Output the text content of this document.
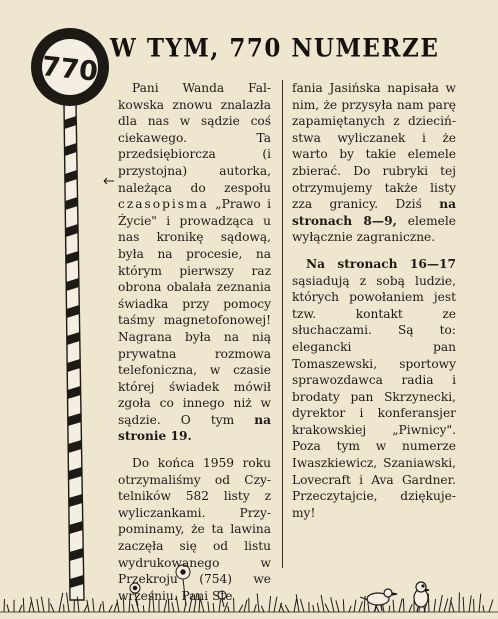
770
W TYM, 770 NUMERZE

Pani Wanda Falkowska znowu znalazła dla nas w sądzie coś ciekawego. Ta przedsiębiorcza (i przystojna) autorka, należąca do zespołu czasopisma „Prawo i Życie" i prowadząca u nas kronikę sądową, była na procesie, na którym pierwszy raz obrona obalała zeznania świadka przy pomocy taśmy magnetofonowej! Nagrana była na nią prywatna rozmowa telefoniczna, w czasie której świadek mówił zgoła co innego niż w sądzie. O tym na stronie 19.

Do końca 1959 roku otrzymaliśmy od Czytelników 582 listy z wyliczankami. Przypominamy, że ta lawina zaczęła się od listu wydrukowanego w Przekroju (754) we wrześniu. Pani Ste

fania Jasińska napisała w nim, że przysyła nam parę zapamiętanych z dzieciństwa wyliczanek i że warto by takie elemele zbierać. Do rubryki tej otrzymujemy także listy zza granicy. Dziś na stronach 8—9, elemele wyłącznie zagraniczne.

Na stronach 16—17 sąsiadują z sobą ludzie, których powołaniem jest tzw. kontakt ze słuchaczami. Są to: elegancki pan Tomaszewski, sportowy sprawozdawca radia i brodaty pan Skrzynecki, dyrektor i konferansjer krakowskiej „Piwnicy". Poza tym w numerze Iwaszkiewicz, Szaniawski, Lovecraft i Ava Gardner. Przeczytajcie, dziękujemy!
